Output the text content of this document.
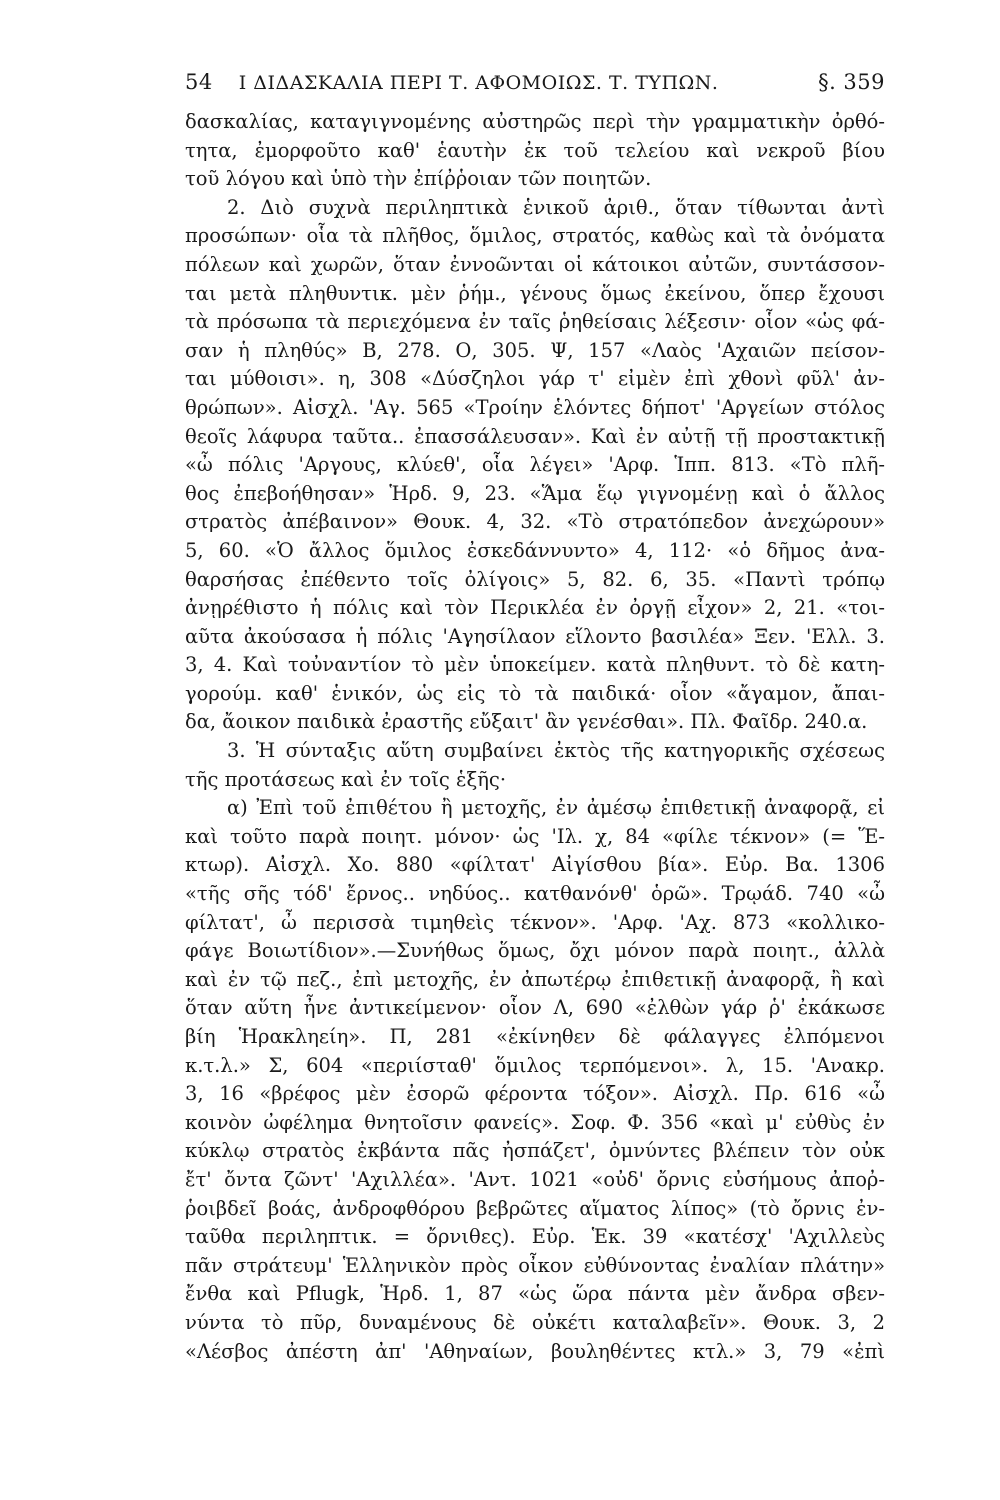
54 Ι ΔΙΔΑΣΚΑΛΙΑ ΠΕΡΙ Τ. ΑΦΟΜΟΙΩΣ. Τ. ΤΥΠΩΝ.	§. 359
δασκαλίας, καταγιγνομένης αὐστηρῶς περὶ τὴν γραμματικὴν ὀρθό-
τητα, ἐμορφοῦτο καθ' ἑαυτὴν ἐκ τοῦ τελείου καὶ νεκροῦ βίου
τοῦ λόγου καὶ ὑπὸ τὴν ἐπίῤῥοιαν τῶν ποιητῶν.
2. Διὸ συχνὰ περιληπτικὰ ἑνικοῦ ἀριθ., ὅταν τίθωνται ἀντὶ
προσώπων· οἷα τὰ πλῆθος, ὅμιλος, στρατός, καθὼς καὶ τὰ ὀνόματα
πόλεων καὶ χωρῶν, ὅταν ἐννοῶνται οἱ κάτοικοι αὐτῶν, συντάσσον-
ται μετὰ πληθυντικ. μὲν ῥήμ., γένους ὅμως ἐκείνου, ὅπερ ἔχουσι
τὰ πρόσωπα τὰ περιεχόμενα ἐν ταῖς ῥηθείσαις λέξεσιν· οἷον «ὡς φά-
σαν ἡ πληθύς» Β, 278. Ο, 305. Ψ, 157 «Λαὸς 'Αχαιῶν πείσον-
ται μύθοισι». η, 308 «Δύσζηλοι γάρ τ' εἰμὲν ἐπὶ χθονὶ φῦλ' ἀν-
θρώπων». Αἰσχλ. 'Αγ. 565 «Τροίην ἑλόντες δήποτ' 'Αργείων στόλος
θεοῖς λάφυρα ταῦτα.. ἐπασσάλευσαν». Καὶ ἐν αὐτῇ τῇ προστακτικῇ
«ὦ πόλις 'Αργους, κλύεθ', οἷα λέγει» 'Αρφ. Ἱππ. 813. «Τὸ πλῆ-
θος ἐπεβοήθησαν» Ἡρδ. 9, 23. «Ἅμα ἕῳ γιγνομένῃ καὶ ὁ ἄλλος
στρατὸς ἀπέβαινον» Θουκ. 4, 32. «Τὸ στρατόπεδον ἀνεχώρουν»
5, 60. «Ὁ ἄλλος ὅμιλος ἐσκεδάννυντο» 4, 112· «ὁ δῆμος ἀνα-
θαρσήσας ἐπέθεντο τοῖς ὀλίγοις» 5, 82. 6, 35. «Παντὶ τρόπῳ
ἀνῃρέθιστο ἡ πόλις καὶ τὸν Περικλέα ἐν ὀργῇ εἶχον» 2, 21. «τοι-
αῦτα ἀκούσασα ἡ πόλις 'Αγησίλαον εἵλοντο βασιλέα» Ξεν. 'Ελλ. 3.
3, 4. Καὶ τοὐναντίον τὸ μὲν ὑποκείμεν. κατὰ πληθυντ. τὸ δὲ κατη-
γορούμ. καθ' ἑνικόν, ὡς εἰς τὸ τὰ παιδικά· οἷον «ἄγαμον, ἄπαι-
δα, ἄοικον παιδικὰ ἐραστῆς εὔξαιτ' ἂν γενέσθαι». Πλ. Φαῖδρ. 240.α.
3. Ἡ σύνταξις αὕτη συμβαίνει ἐκτὸς τῆς κατηγορικῆς σχέσεως
τῆς προτάσεως καὶ ἐν τοῖς ἑξῆς·
α) Ἐπὶ τοῦ ἐπιθέτου ἢ μετοχῆς, ἐν ἀμέσῳ ἐπιθετικῇ ἀναφορᾷ, εἰ
καὶ τοῦτο παρὰ ποιητ. μόνον· ὡς 'Ιλ. χ, 84 «φίλε τέκνον» (= Ἕ-
κτωρ). Αἰσχλ. Χο. 880 «φίλτατ' Αἰγίσθου βία». Εὐρ. Βα. 1306
«τῆς σῆς τόδ' ἔρνος.. νηδύος.. κατθανόνθ' ὁρῶ». Τρῳάδ. 740 «ὦ
φίλτατ', ὦ περισσὰ τιμηθεὶς τέκνον». 'Αρφ. 'Αχ. 873 «κολλικο-
φάγε Βοιωτίδιον».—Συνήθως ὅμως, ὄχι μόνον παρὰ ποιητ., ἀλλὰ
καὶ ἐν τῷ πεζ., ἐπὶ μετοχῆς, ἐν ἀπωτέρῳ ἐπιθετικῇ ἀναφορᾷ, ἢ καὶ
ὅταν αὕτη ἦνε ἀντικείμενον· οἷον Λ, 690 «ἐλθὼν γάρ ῥ' ἐκάκωσε
βίη Ἡρακληείη». Π, 281 «ἐκίνηθεν δὲ φάλαγγες ἐλπόμενοι
κ.τ.λ.» Σ, 604 «περιίσταθ' ὅμιλος τερπόμενοι». λ, 15. 'Ανακρ.
3, 16 «βρέφος μὲν ἐσορῶ φέροντα τόξον». Αἰσχλ. Πρ. 616 «ὦ
κοινὸν ὠφέλημα θνητοῖσιν φανείς». Σοφ. Φ. 356 «καὶ μ' εὐθὺς ἐν
κύκλῳ στρατὸς ἐκβάντα πᾶς ἠσπάζετ', ὀμνύντες βλέπειν τὸν οὐκ
ἔτ' ὄντα ζῶντ' 'Αχιλλέα». 'Αντ. 1021 «οὐδ' ὄρνις εὐσήμους ἀποῤ-
ῥοιβδεῖ βοάς, ἀνδροφθόρου βεβρῶτες αἵματος λίπος» (τὸ ὄρνις ἐν-
ταῦθα περιληπτικ. = ὄρνιθες). Εὐρ. Ἑκ. 39 «κατέσχ' 'Αχιλλεὺς
πᾶν στράτευμ' Ἑλληνικὸν πρὸς οἶκον εὐθύνοντας ἐναλίαν πλάτην»
ἔνθα καὶ Pflugk, Ἡρδ. 1, 87 «ὡς ὥρα πάντα μὲν ἄνδρα σβεν-
νύντα τὸ πῦρ, δυναμένους δὲ οὐκέτι καταλαβεῖν». Θουκ. 3, 2
«Λέσβος ἀπέστη ἀπ' 'Αθηναίων, βουληθέντες κτλ.» 3, 79 «ἐπὶ
